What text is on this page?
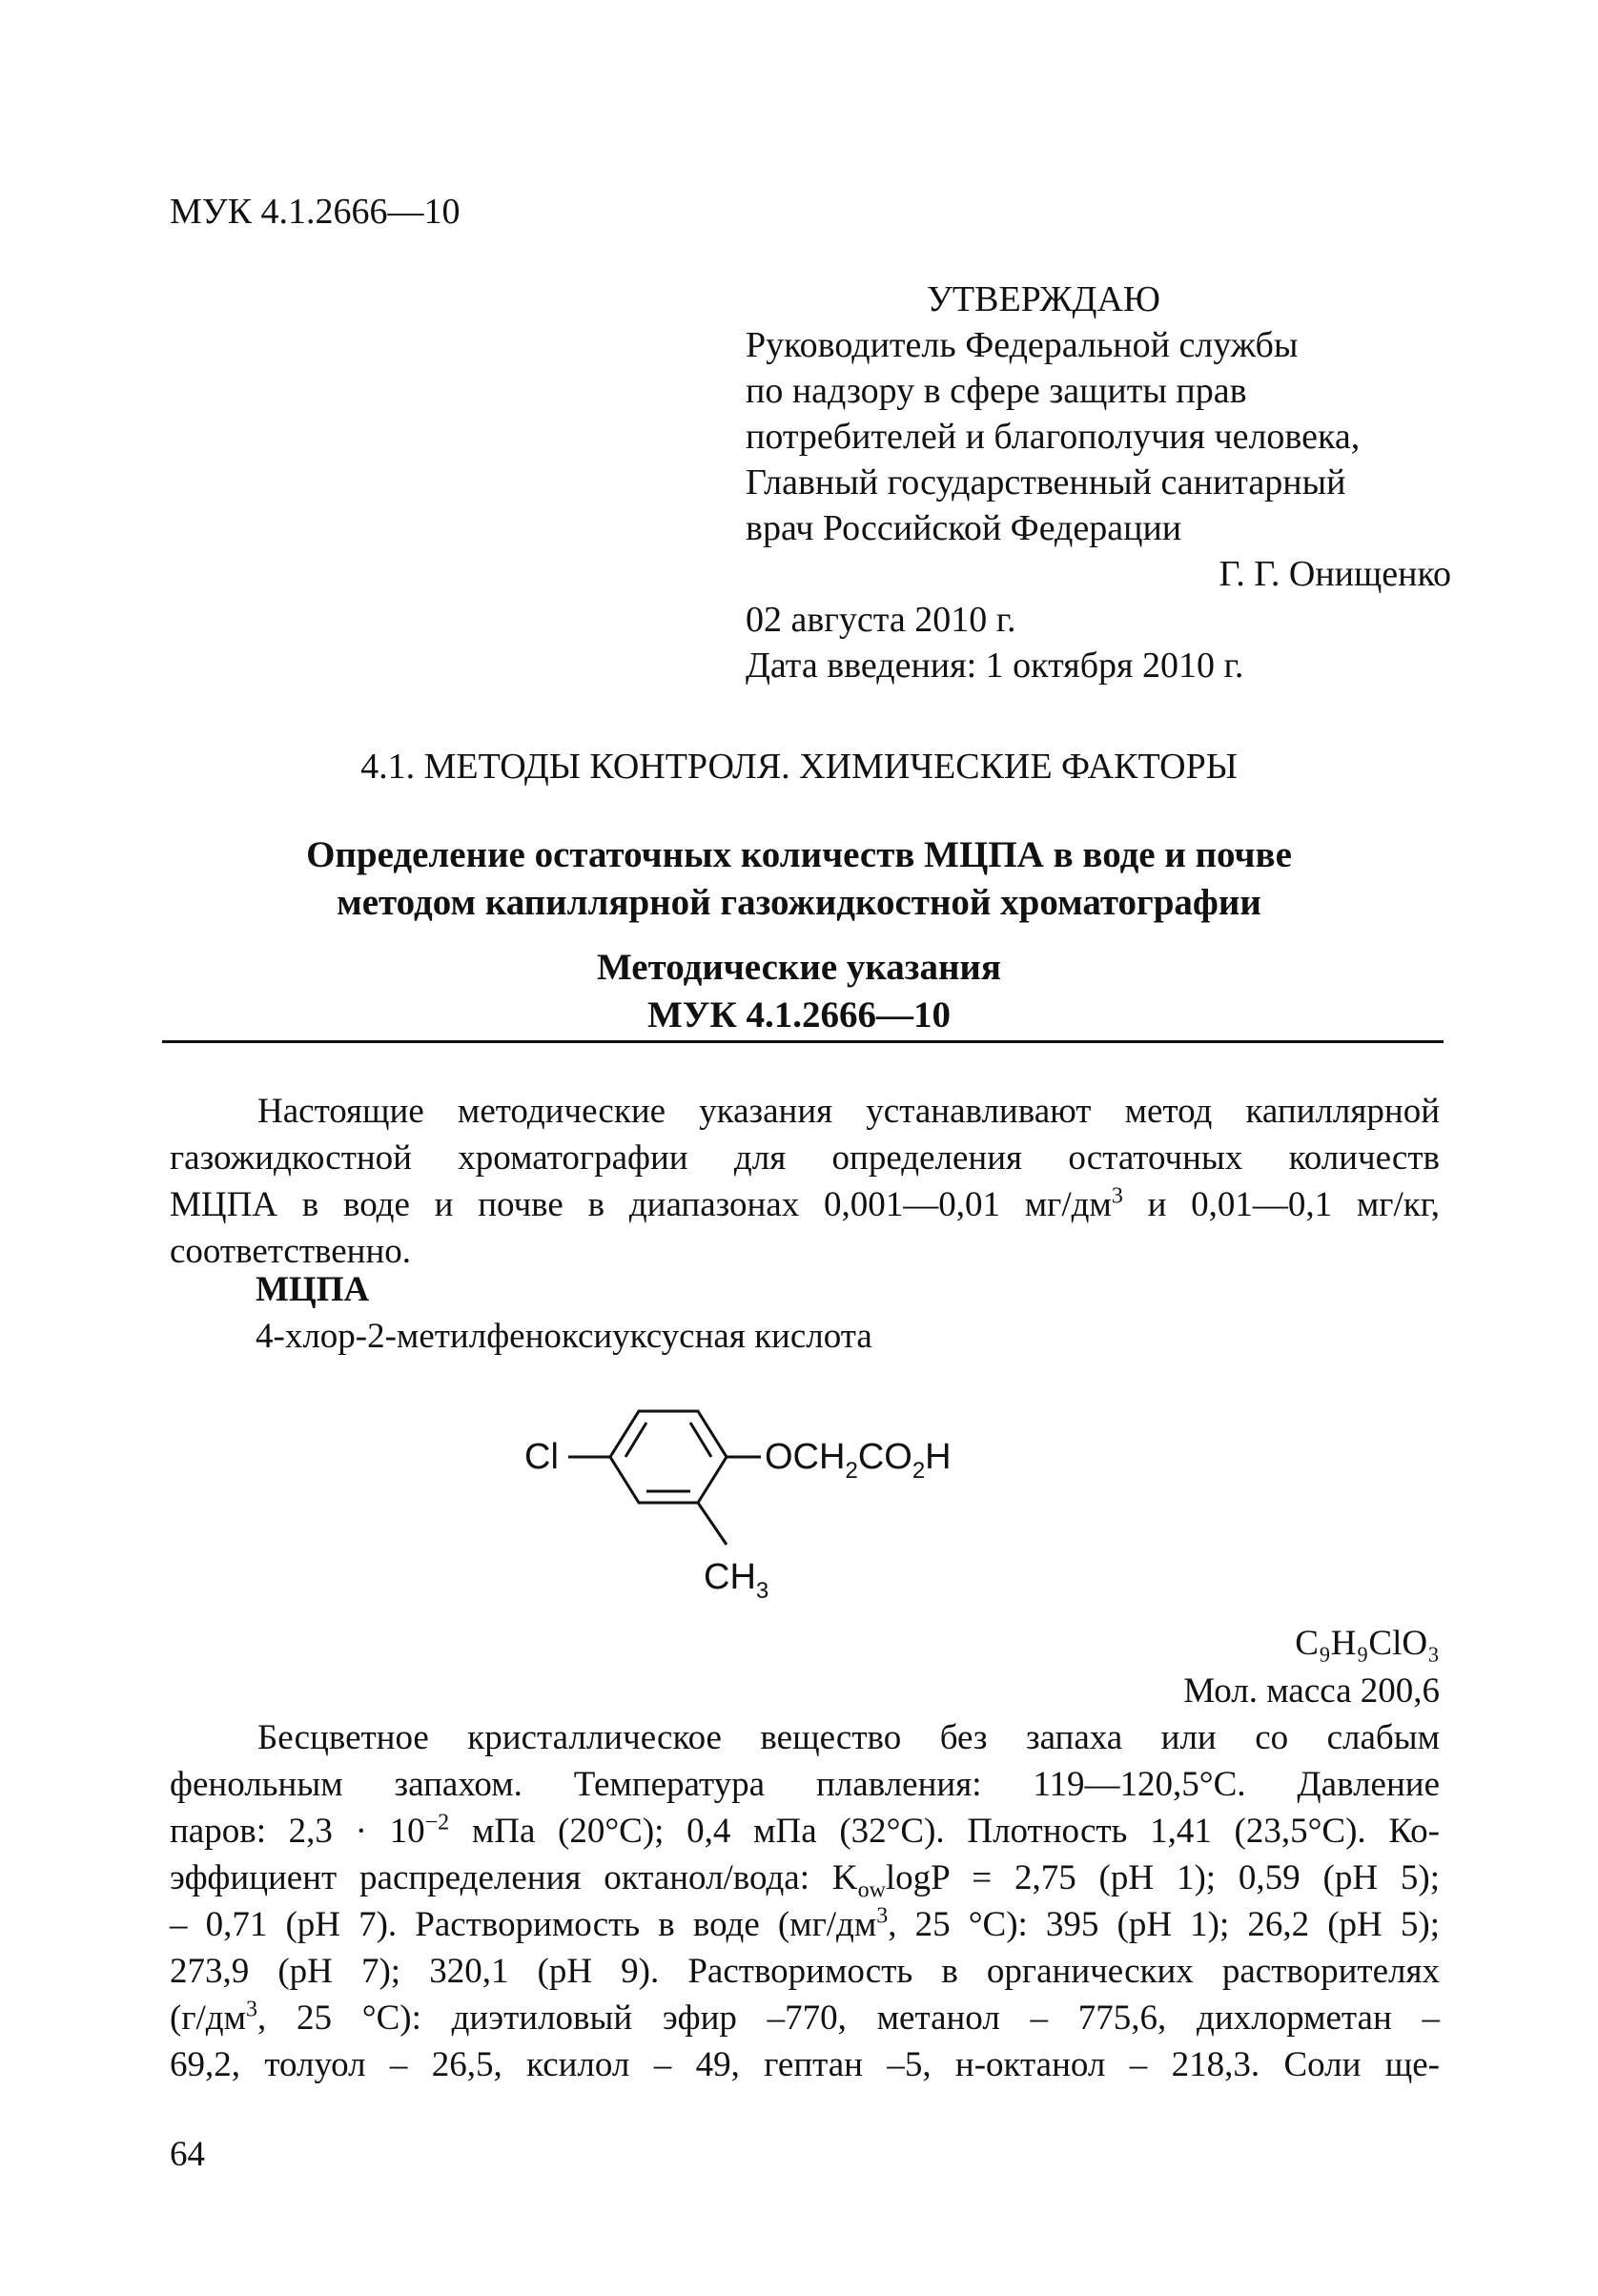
МУК 4.1.2666—10
УТВЕРЖДАЮ
Руководитель Федеральной службы
по надзору в сфере защиты прав
потребителей и благополучия человека,
Главный государственный санитарный
врач Российской Федерации
Г. Г. Онищенко
02 августа 2010 г.
Дата введения: 1 октября 2010 г.
4.1. МЕТОДЫ КОНТРОЛЯ. ХИМИЧЕСКИЕ ФАКТОРЫ
Определение остаточных количеств МЦПА в воде и почве
методом капиллярной газожидкостной хроматографии
Методические указания
МУК 4.1.2666—10
Настоящие методические указания устанавливают метод капиллярной
газожидкостной хроматографии для определения остаточных количеств
МЦПА в воде и почве в диапазонах 0,001—0,01 $мг/дм^3$ и 0,01—0,1 мг/кг,
соответственно.
МЦПА
4-хлор-2-метилфеноксиуксусная кислота
Cl	$OCH_2CO_2H$
$CH_3$
C₉H₉ClO₃
Мол. масса 200,6
Бесцветное кристаллическое вещество без запаха или со слабым
фенольным запахом. Температура плавления: 119—120,5°С. Давление
паров: $2,3 \cdot 10^{-2}$ мПа (20°С); 0,4 мПа (32°С). Плотность 1,41 (23,5°С). Ко-
эффициент распределения октанол/вода: $K_{ow}\log P = 2,75$ (pH 1); 0,59 (pH 5);
– 0,71 (pH 7). Растворимость в воде ($мг/дм^3$, 25 °С): 395 (pH 1); 26,2 (pH 5);
273,9 (pH 7); 320,1 (pH 9). Растворимость в органических растворителях
($г/дм^3$, 25 °С): диэтиловый эфир –770, метанол – 775,6, дихлорметан –
69,2, толуол – 26,5, ксилол – 49, гептан –5, н-октанол – 218,3. Соли ще-
64
